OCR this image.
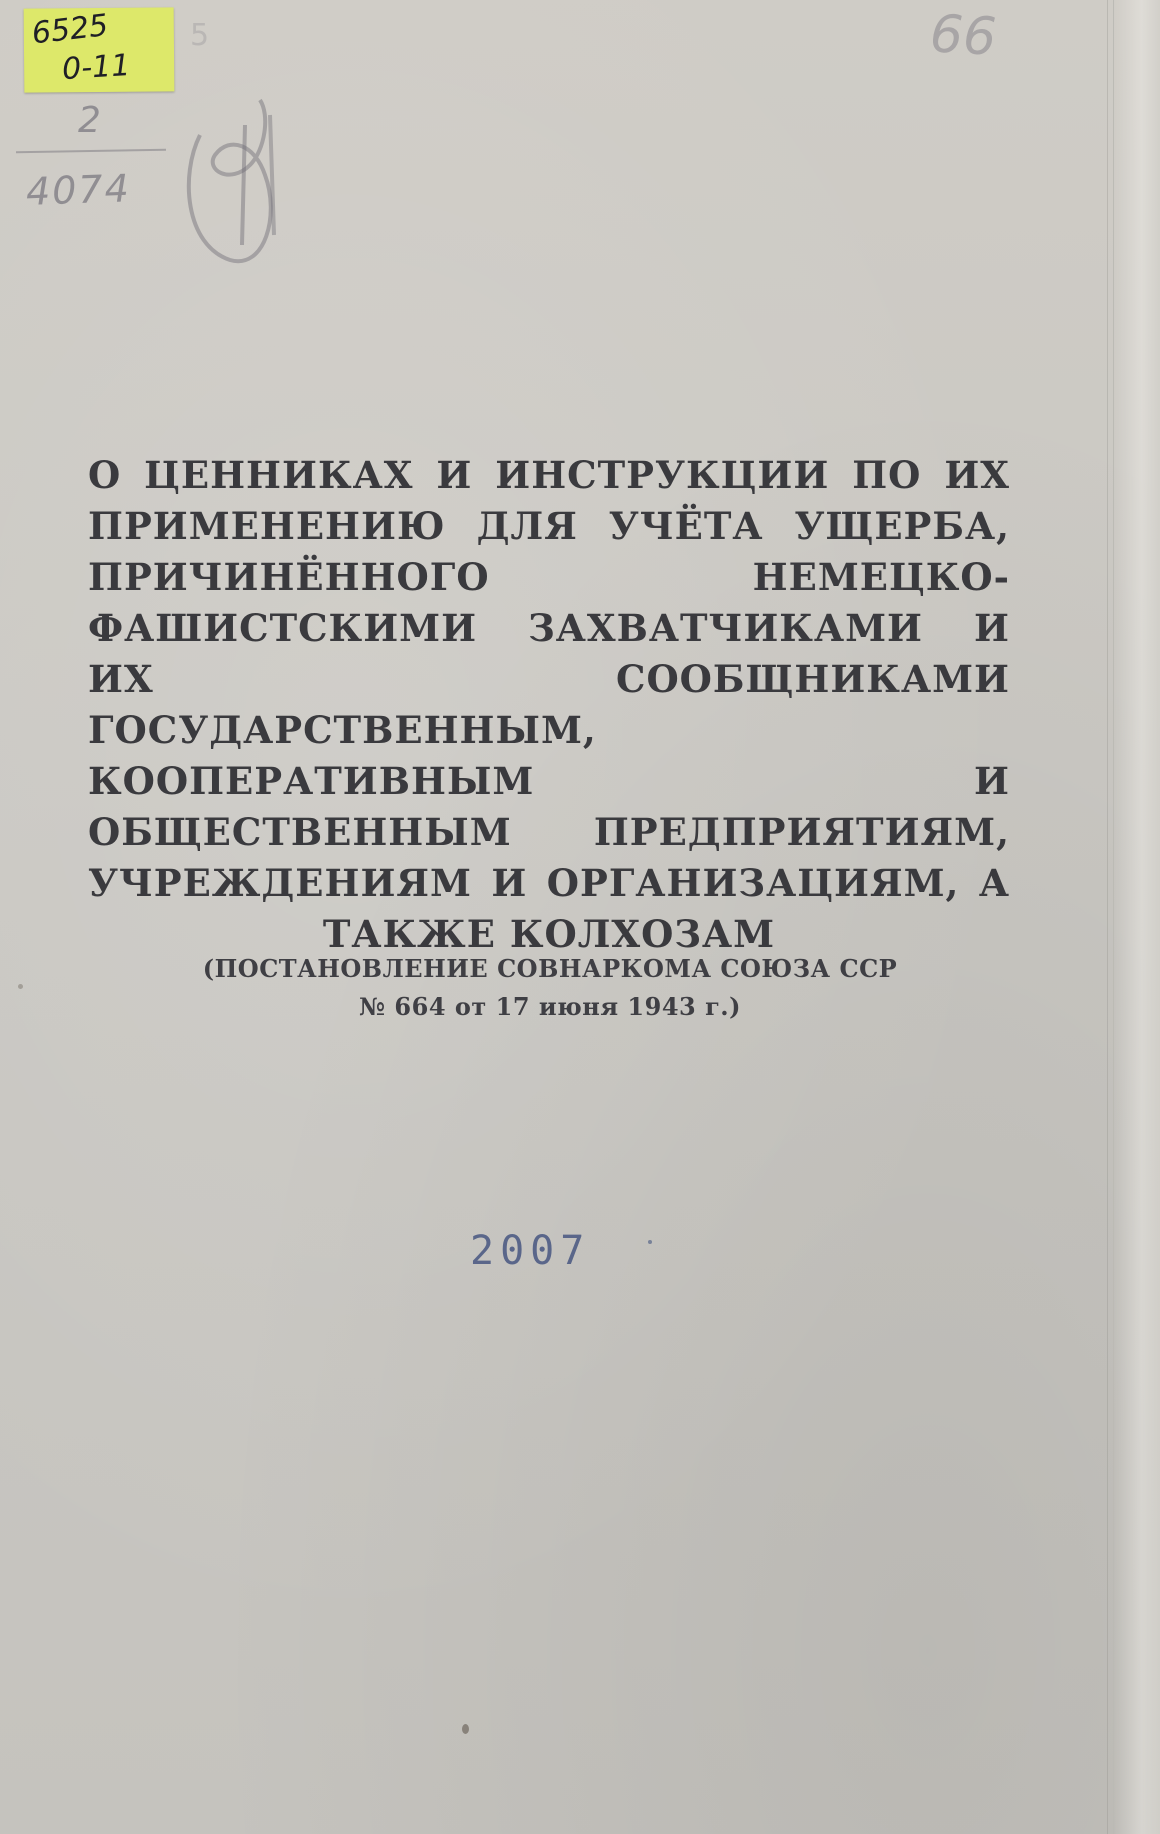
5
6525
0-11
2
4074
66

О ЦЕННИКАХ И ИНСТРУКЦИИ ПО ИХ ПРИМЕНЕНИЮ ДЛЯ УЧЁТА УЩЕРБА, ПРИЧИНЁННОГО НЕМЕЦКО-ФАШИСТСКИМИ ЗАХВАТЧИКАМИ И ИХ СООБЩНИКАМИ ГОСУДАРСТВЕННЫМ, КООПЕРАТИВНЫМ И ОБЩЕСТВЕННЫМ ПРЕДПРИЯТИЯМ, УЧРЕЖДЕНИЯМ И ОРГАНИЗАЦИЯМ, А ТАКЖЕ КОЛХОЗАМ

(ПОСТАНОВЛЕНИЕ СОВНАРКОМА СОЮЗА ССР
№ 664 от 17 июня 1943 г.)

2007
